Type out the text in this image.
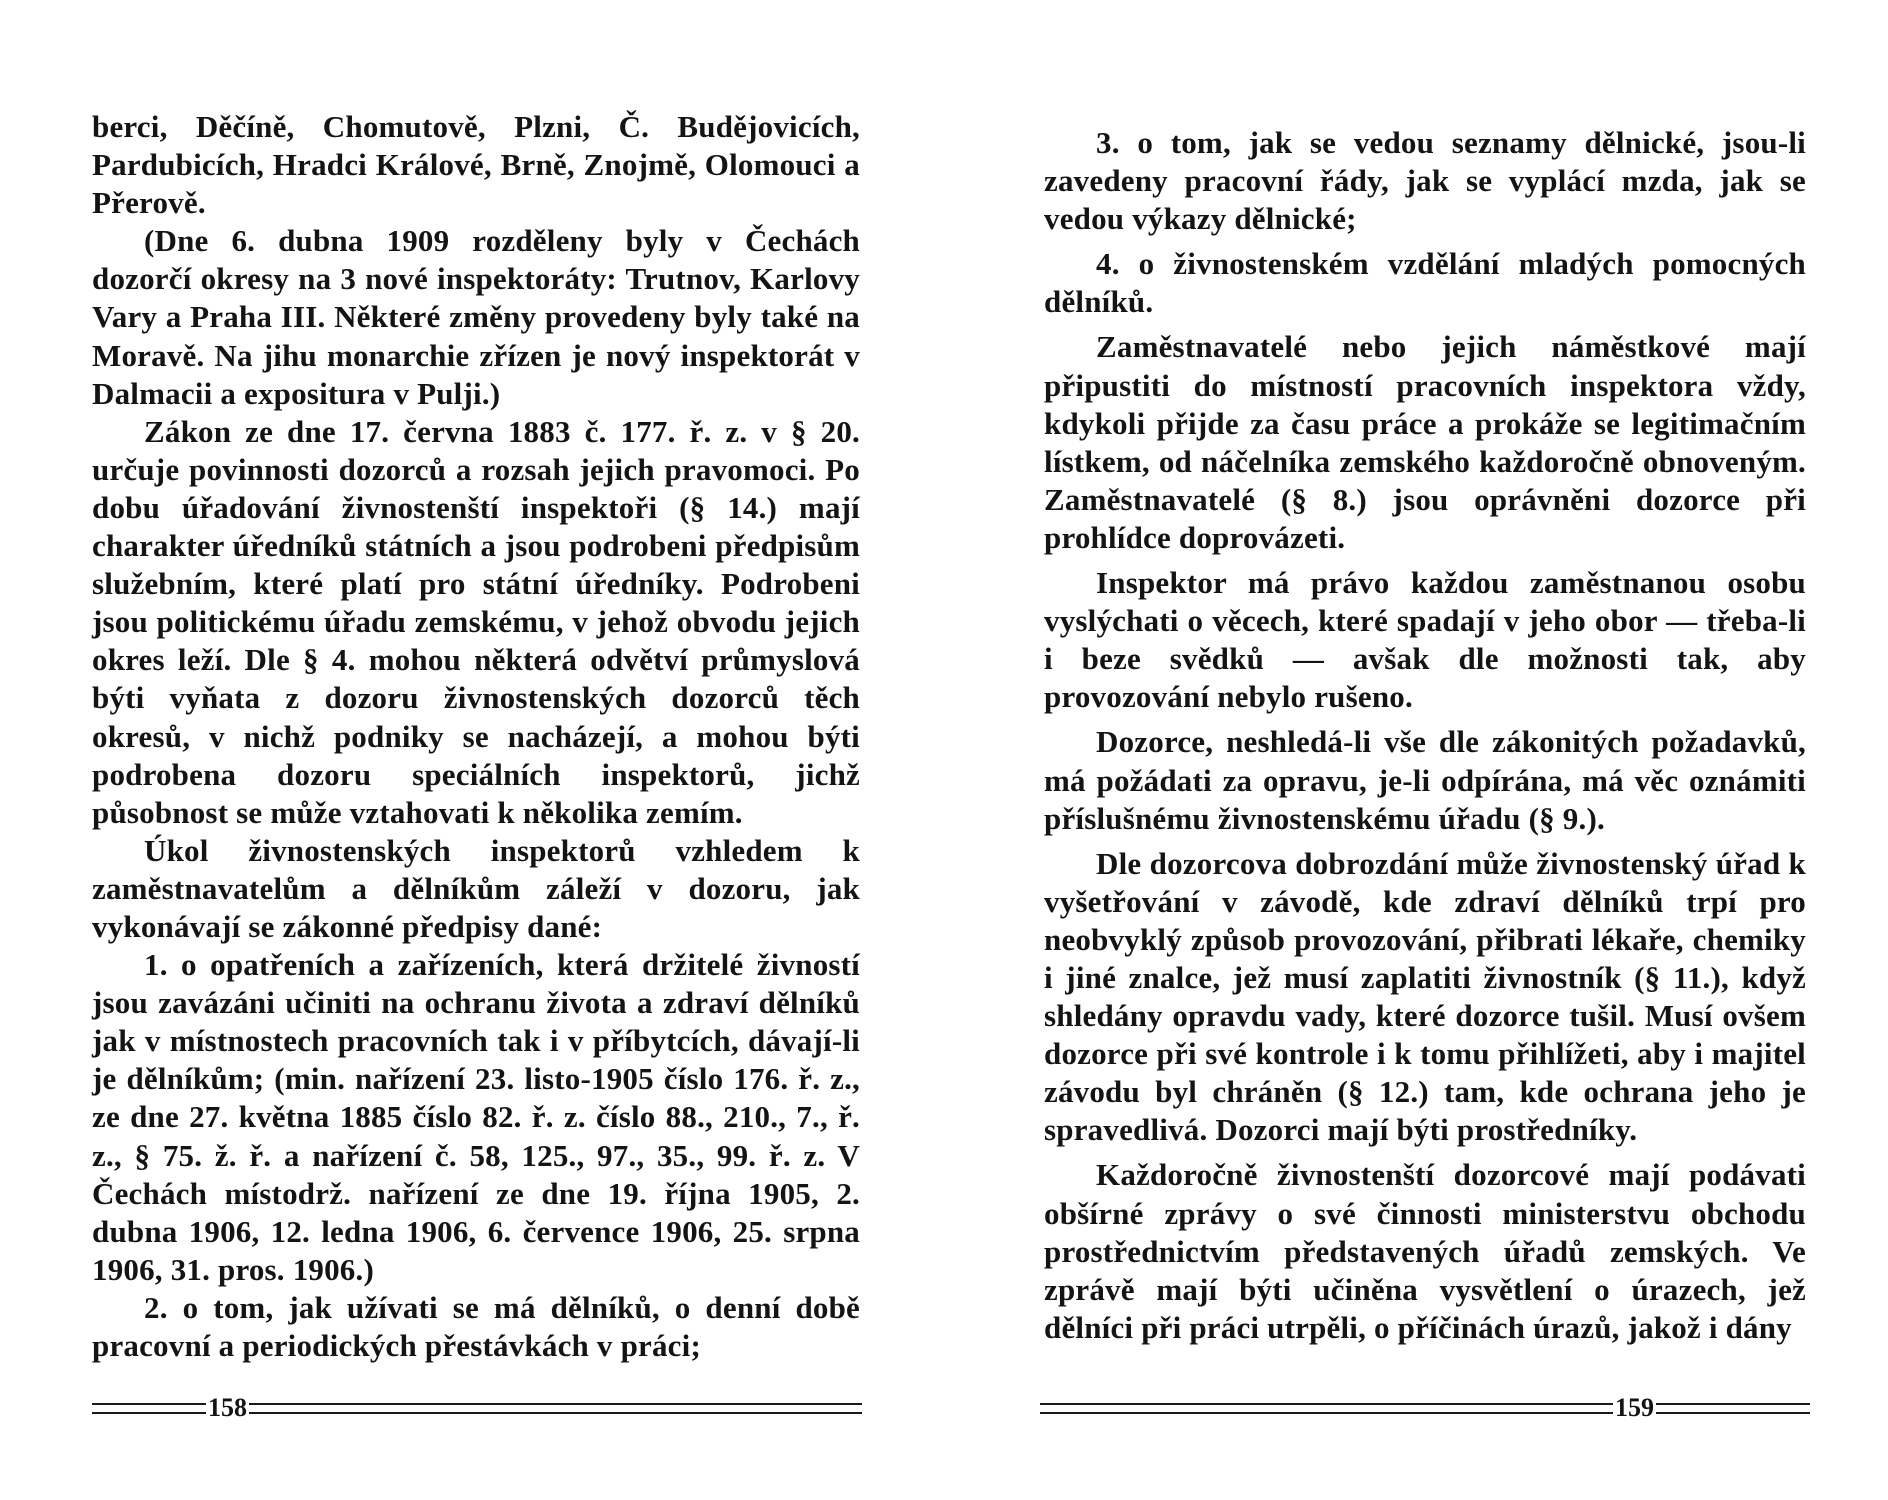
berci, Děčíně, Chomutově, Plzni, Č. Budějovicích, Pardubicích, Hradci Králové, Brně, Znojmě, Olomouci a Přerově.

(Dne 6. dubna 1909 rozděleny byly v Čechách dozorčí okresy na 3 nové inspektoráty: Trutnov, Karlovy Vary a Praha III. Některé změny provedeny byly také na Moravě. Na jihu monarchie zřízen je nový inspektorát v Dalmacii a expositura v Pulji.)

Zákon ze dne 17. června 1883 č. 177. ř. z. v § 20. určuje povinnosti dozorců a rozsah jejich pravomoci. Po dobu úřadování živnostenští inspektoři (§ 14.) mají charakter úředníků státních a jsou podrobeni předpisům služebním, které platí pro státní úředníky. Podrobeni jsou politickému úřadu zemskému, v jehož obvodu jejich okres leží. Dle § 4. mohou některá odvětví průmyslová býti vyňata z dozoru živnostenských dozorců těch okresů, v nichž podniky se nacházejí, a mohou býti podrobena dozoru speciálních inspektorů, jichž působnost se může vztahovati k několika zemím.

Úkol živnostenských inspektorů vzhledem k zaměstnavatelům a dělníkům záleží v dozoru, jak vykonávají se zákonné předpisy dané:

1. o opatřeních a zařízeních, která držitelé živností jsou zavázáni učiniti na ochranu života a zdraví dělníků jak v místnostech pracovních tak i v příbytcích, dávají-li je dělníkům; (min. nařízení 23. listo-1905 číslo 176. ř. z., ze dne 27. května 1885 číslo 82. ř. z. číslo 88., 210., 7., ř. z., § 75. ž. ř. a nařízení č. 58, 125., 97., 35., 99. ř. z. V Čechách místodrž. nařízení ze dne 19. října 1905, 2. dubna 1906, 12. ledna 1906, 6. července 1906, 25. srpna 1906, 31. pros. 1906.)

2. o tom, jak užívati se má dělníků, o denní době pracovní a periodických přestávkách v práci;

158

3. o tom, jak se vedou seznamy dělnické, jsou-li zavedeny pracovní řády, jak se vyplácí mzda, jak se vedou výkazy dělnické;

4. o živnostenském vzdělání mladých pomocných dělníků.

Zaměstnavatelé nebo jejich náměstkové mají připustiti do místností pracovních inspektora vždy, kdykoli přijde za času práce a prokáže se legitimačním lístkem, od náčelníka zemského každoročně obnoveným. Zaměstnavatelé (§ 8.) jsou oprávněni dozorce při prohlídce doprovázeti.

Inspektor má právo každou zaměstnanou osobu vyslýchati o věcech, které spadají v jeho obor — třeba-li i beze svědků — avšak dle možnosti tak, aby provozování nebylo rušeno.

Dozorce, neshledá-li vše dle zákonitých požadavků, má požádati za opravu, je-li odpírána, má věc oznámiti příslušnému živnostenskému úřadu (§ 9.).

Dle dozorcova dobrozdání může živnostenský úřad k vyšetřování v závodě, kde zdraví dělníků trpí pro neobvyklý způsob provozování, přibrati lékaře, chemiky i jiné znalce, jež musí zaplatiti živnostník (§ 11.), když shledány opravdu vady, které dozorce tušil. Musí ovšem dozorce při své kontrole i k tomu přihlížeti, aby i majitel závodu byl chráněn (§ 12.) tam, kde ochrana jeho je spravedlivá. Dozorci mají býti prostředníky.

Každoročně živnostenští dozorcové mají podávati obšírné zprávy o své činnosti ministerstvu obchodu prostřednictvím představených úřadů zemských. Ve zprávě mají býti učiněna vysvětlení o úrazech, jež dělníci při práci utrpěli, o příčinách úrazů, jakož i dány

159
